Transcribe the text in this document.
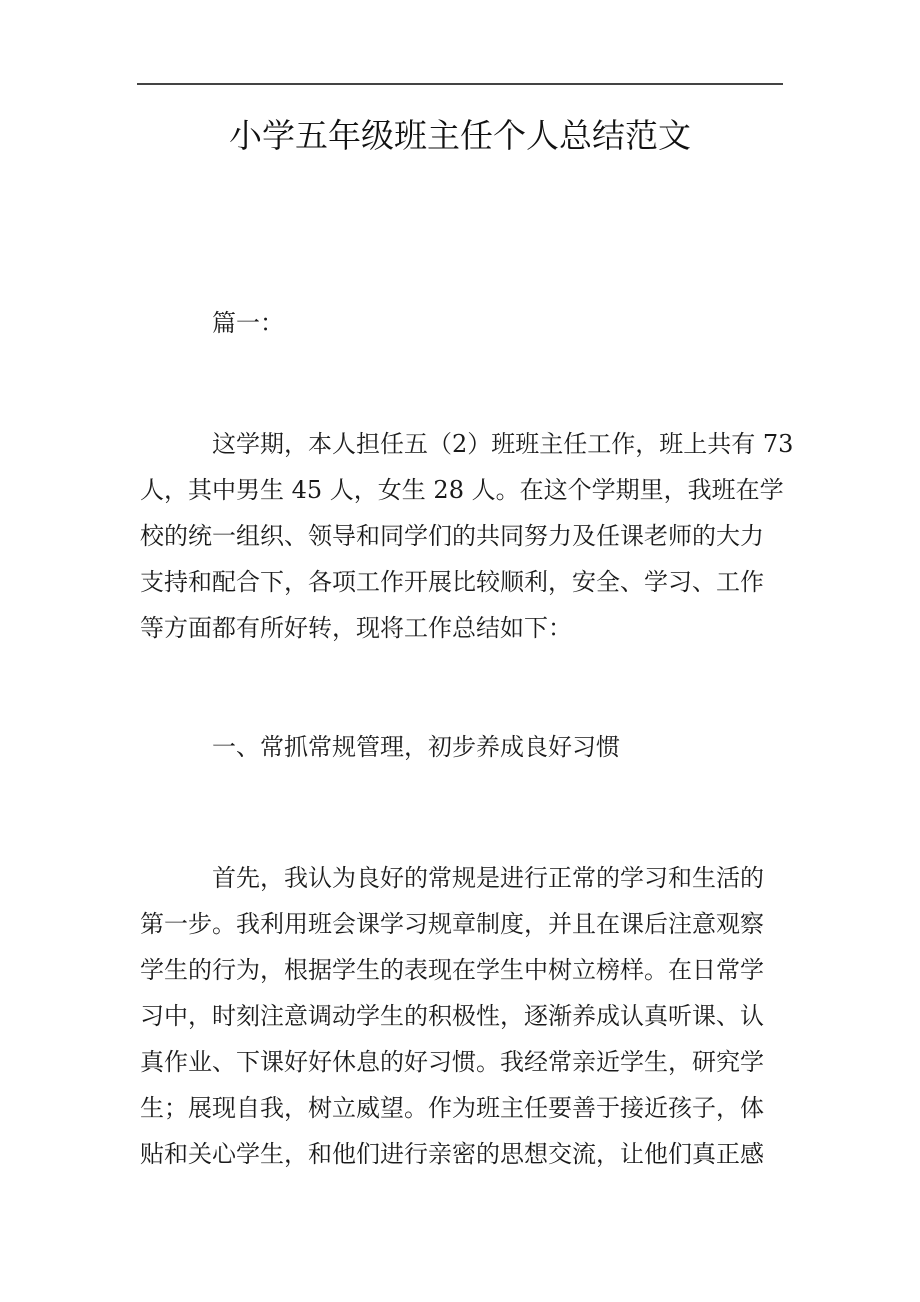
小学五年级班主任个人总结范文

篇一：

这学期，本人担任五（2）班班主任工作，班上共有 73
人，其中男生 45 人，女生 28 人。在这个学期里，我班在学
校的统一组织、领导和同学们的共同努力及任课老师的大力
支持和配合下，各项工作开展比较顺利，安全、学习、工作
等方面都有所好转，现将工作总结如下：

一、常抓常规管理，初步养成良好习惯

首先，我认为良好的常规是进行正常的学习和生活的
第一步。我利用班会课学习规章制度，并且在课后注意观察
学生的行为，根据学生的表现在学生中树立榜样。在日常学
习中，时刻注意调动学生的积极性，逐渐养成认真听课、认
真作业、下课好好休息的好习惯。我经常亲近学生，研究学
生；展现自我，树立威望。作为班主任要善于接近孩子，体
贴和关心学生，和他们进行亲密的思想交流，让他们真正感
